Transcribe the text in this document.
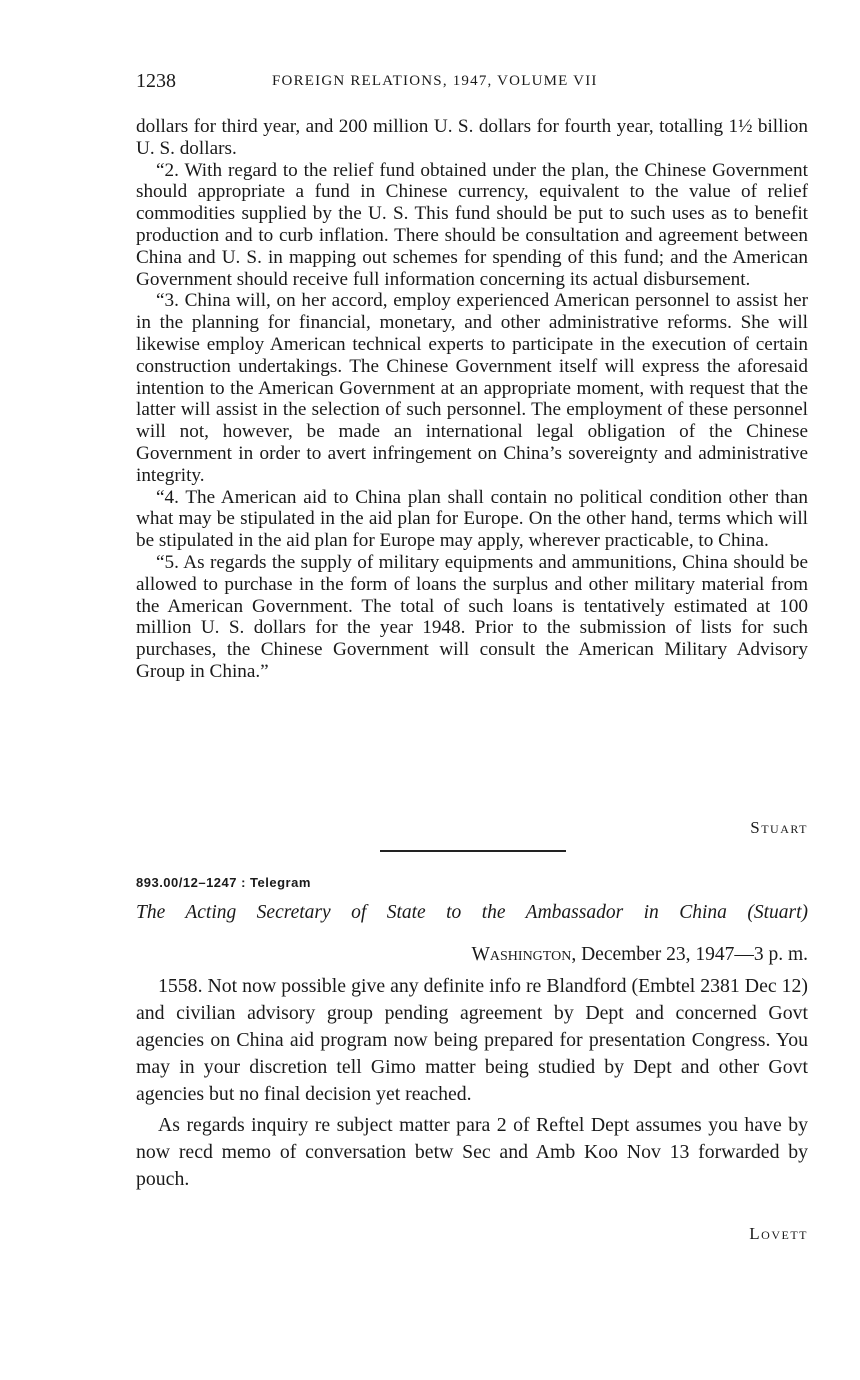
1238	FOREIGN RELATIONS, 1947, VOLUME VII

dollars for third year, and 200 million U. S. dollars for fourth year, totalling 1½ billion U. S. dollars.

“2. With regard to the relief fund obtained under the plan, the Chinese Government should appropriate a fund in Chinese currency, equivalent to the value of relief commodities supplied by the U. S. This fund should be put to such uses as to benefit production and to curb inflation. There should be consultation and agreement between China and U. S. in mapping out schemes for spending of this fund; and the American Government should receive full information concerning its actual disbursement.

“3. China will, on her accord, employ experienced American personnel to assist her in the planning for financial, monetary, and other administrative reforms. She will likewise employ American technical experts to participate in the execution of certain construction undertakings. The Chinese Government itself will express the aforesaid intention to the American Government at an appropriate moment, with request that the latter will assist in the selection of such personnel. The employment of these personnel will not, however, be made an international legal obligation of the Chinese Government in order to avert infringement on China’s sovereignty and administrative integrity.

“4. The American aid to China plan shall contain no political condition other than what may be stipulated in the aid plan for Europe. On the other hand, terms which will be stipulated in the aid plan for Europe may apply, wherever practicable, to China.

“5. As regards the supply of military equipments and ammunitions, China should be allowed to purchase in the form of loans the surplus and other military material from the American Government. The total of such loans is tentatively estimated at 100 million U. S. dollars for the year 1948. Prior to the submission of lists for such purchases, the Chinese Government will consult the American Military Advisory Group in China.”

Stuart
893.00/12–1247 : Telegram
The Acting Secretary of State to the Ambassador in China (Stuart)
Washington, December 23, 1947—3 p. m.

1558. Not now possible give any definite info re Blandford (Embtel 2381 Dec 12) and civilian advisory group pending agreement by Dept and concerned Govt agencies on China aid program now being prepared for presentation Congress. You may in your discretion tell Gimo matter being studied by Dept and other Govt agencies but no final decision yet reached.

As regards inquiry re subject matter para 2 of Reftel Dept assumes you have by now recd memo of conversation betw Sec and Amb Koo Nov 13 forwarded by pouch.

Lovett
